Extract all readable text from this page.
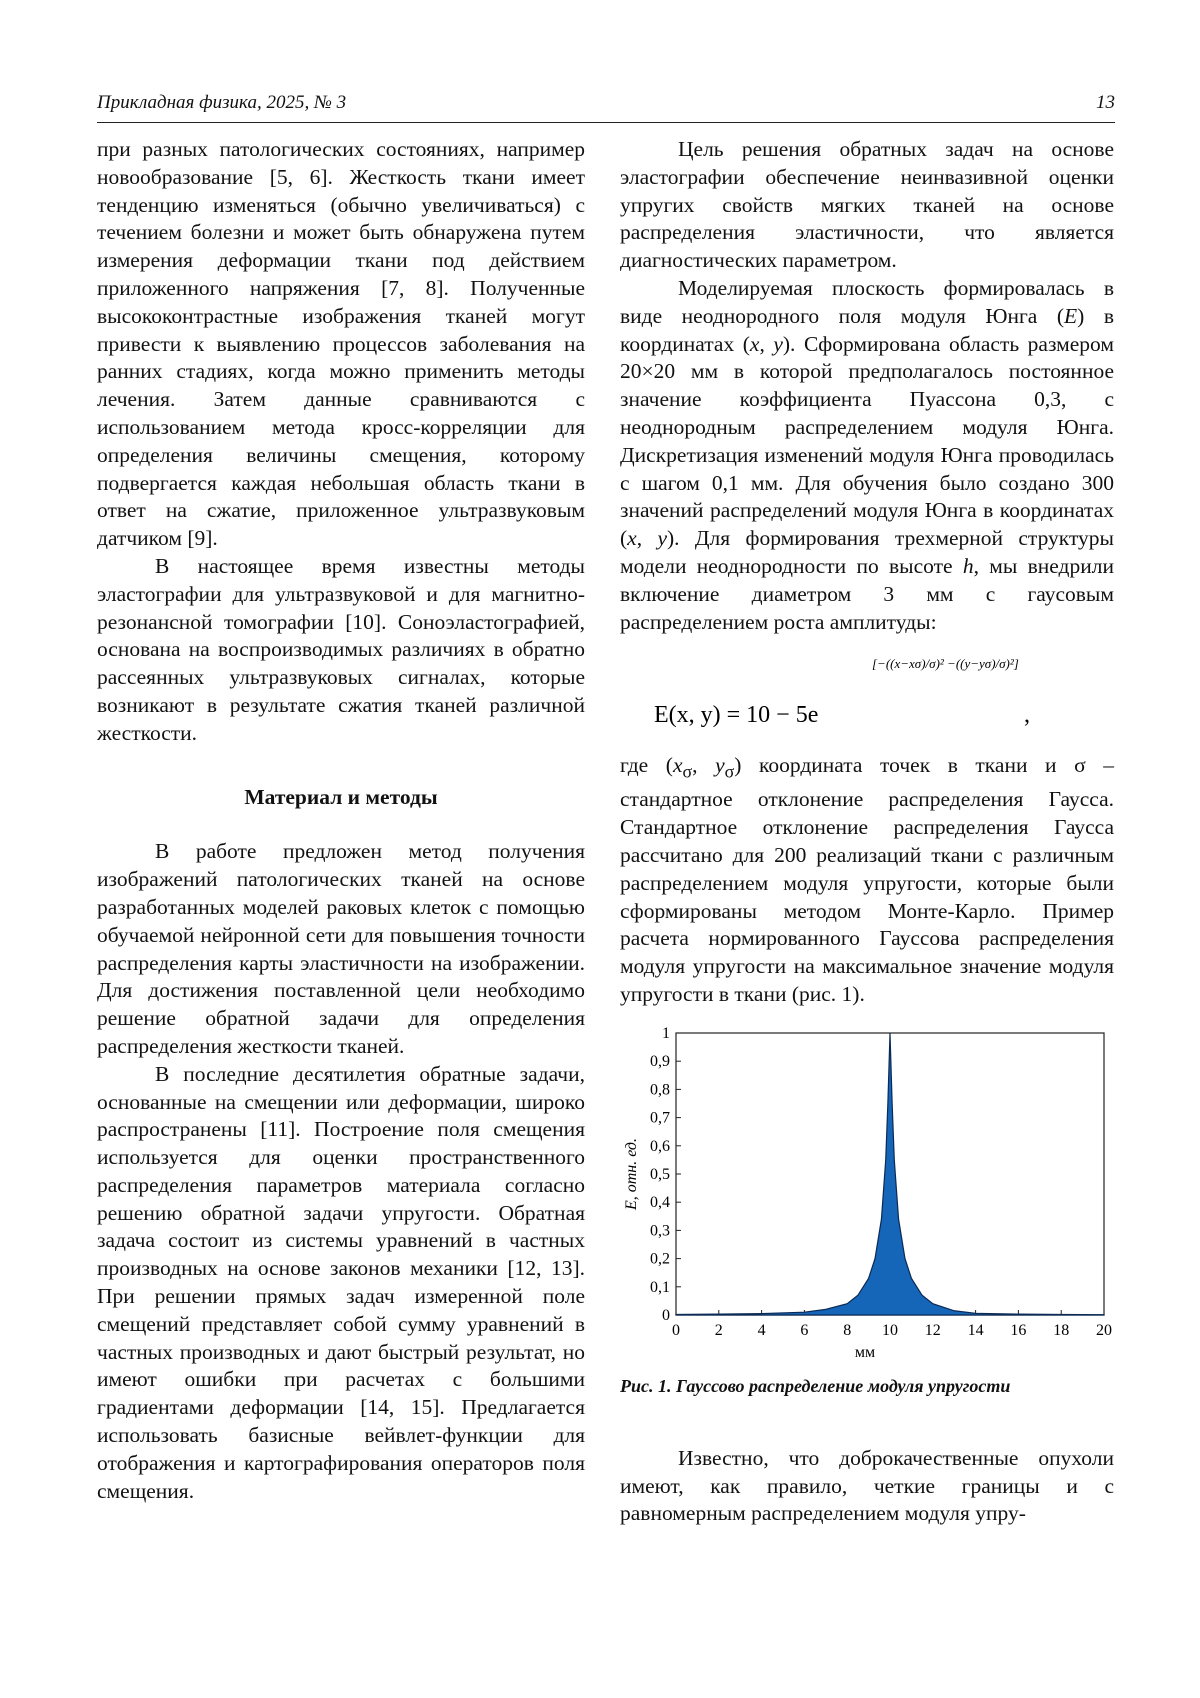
Прикладная физика, 2025, № 3	13

при разных патологических состояниях, например новообразование [5, 6]. Жесткость ткани имеет тенденцию изменяться (обычно увеличиваться) с течением болезни и может быть обнаружена путем измерения деформации ткани под действием приложенного напряжения [7, 8]. Полученные высококонтрастные изображения тканей могут привести к выявлению процессов заболевания на ранних стадиях, когда можно применить методы лечения. Затем данные сравниваются с использованием метода кросс-корреляции для определения величины смещения, которому подвергается каждая небольшая область ткани в ответ на сжатие, приложенное ультразвуковым датчиком [9].

В настоящее время известны методы эластографии для ультразвуковой и для магнитно-резонансной томографии [10]. Соноэластографией, основана на воспроизводимых различиях в обратно рассеянных ультразвуковых сигналах, которые возникают в результате сжатия тканей различной жесткости.

Материал и методы

В работе предложен метод получения изображений патологических тканей на основе разработанных моделей раковых клеток с помощью обучаемой нейронной сети для повышения точности распределения карты эластичности на изображении. Для достижения поставленной цели необходимо решение обратной задачи для определения распределения жесткости тканей.

В последние десятилетия обратные задачи, основанные на смещении или деформации, широко распространены [11]. Построение поля смещения используется для оценки пространственного распределения параметров материала согласно решению обратной задачи упругости. Обратная задача состоит из системы уравнений в частных производных на основе законов механики [12, 13]. При решении прямых задач измеренной поле смещений представляет собой сумму уравнений в частных производных и дают быстрый результат, но имеют ошибки при расчетах с большими градиентами деформации [14, 15]. Предлагается использовать базисные вейвлет-функции для отображения и картографирования операторов поля смещения.

Цель решения обратных задач на основе эластографии обеспечение неинвазивной оценки упругих свойств мягких тканей на основе распределения эластичности, что является диагностических параметром.

Моделируемая плоскость формировалась в виде неоднородного поля модуля Юнга (E) в координатах (x, y). Сформирована область размером 20×20 мм в которой предполагалось постоянное значение коэффициента Пуассона 0,3, с неоднородным распределением модуля Юнга. Дискретизация изменений модуля Юнга проводилась с шагом 0,1 мм. Для обучения было создано 300 значений распределений модуля Юнга в координатах (x, y). Для формирования трехмерной структуры модели неоднородности по высоте h, мы внедрили включение диаметром 3 мм с гаусовым распределением роста амплитуды:

E(x, y) = 10 − 5e
[−((x−xσ)/σ)² −((y−yσ)/σ)²]
,

где ($x_\sigma$, $y_\sigma$) координата точек в ткани и σ – стандартное отклонение распределения Гаусса. Стандартное отклонение распределения Гаусса рассчитано для 200 реализаций ткани с различным распределением модуля упругости, которые были сформированы методом Монте-Карло. Пример расчета нормированного Гауссова распределения модуля упругости на максимальное значение модуля упругости в ткани (рис. 1).

0
0,1
0,2
0,3
0,4
0,5
0,6
0,7
0,8
0,9
1
0 2 4 6 8 10 12 14 16 18 20
мм
E, отн. ед.
Рис. 1. Гауссово распределение модуля упругости

Известно, что доброкачественные опухоли имеют, как правило, четкие границы и с равномерным распределением модуля упру-
